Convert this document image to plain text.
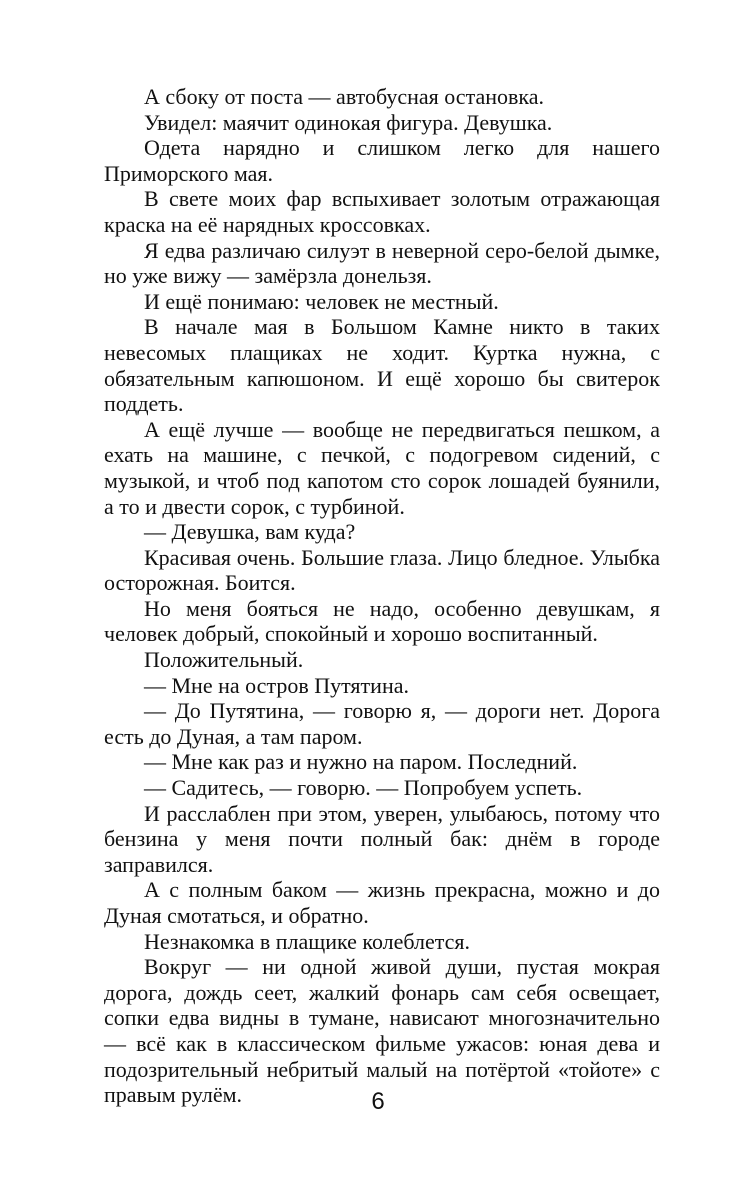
А сбоку от поста — автобусная остановка.

Увидел: маячит одинокая фигура. Девушка.

Одета нарядно и слишком легко для нашего Приморского мая.

В свете моих фар вспыхивает золотым отражающая краска на её нарядных кроссовках.

Я едва различаю силуэт в неверной серо-белой дымке, но уже вижу — замёрзла донельзя.

И ещё понимаю: человек не местный.

В начале мая в Большом Камне никто в таких невесомых плащиках не ходит. Куртка нужна, с обязательным капюшоном. И ещё хорошо бы свитерок поддеть.

А ещё лучше — вообще не передвигаться пешком, а ехать на машине, с печкой, с подогревом сидений, с музыкой, и чтоб под капотом сто сорок лошадей буянили, а то и двести сорок, с турбиной.

— Девушка, вам куда?

Красивая очень. Большие глаза. Лицо бледное. Улыбка осторожная. Боится.

Но меня бояться не надо, особенно девушкам, я человек добрый, спокойный и хорошо воспитанный.

Положительный.

— Мне на остров Путятина.

— До Путятина, — говорю я, — дороги нет. Дорога есть до Дуная, а там паром.

— Мне как раз и нужно на паром. Последний.

— Садитесь, — говорю. — Попробуем успеть.

И расслаблен при этом, уверен, улыбаюсь, потому что бензина у меня почти полный бак: днём в городе заправился.

А с полным баком — жизнь прекрасна, можно и до Дуная смотаться, и обратно.

Незнакомка в плащике колеблется.

Вокруг — ни одной живой души, пустая мокрая дорога, дождь сеет, жалкий фонарь сам себя освещает, сопки едва видны в тумане, нависают многозначительно — всё как в классическом фильме ужасов: юная дева и подозрительный небритый малый на потёртой «тойоте» с правым рулём.	6
